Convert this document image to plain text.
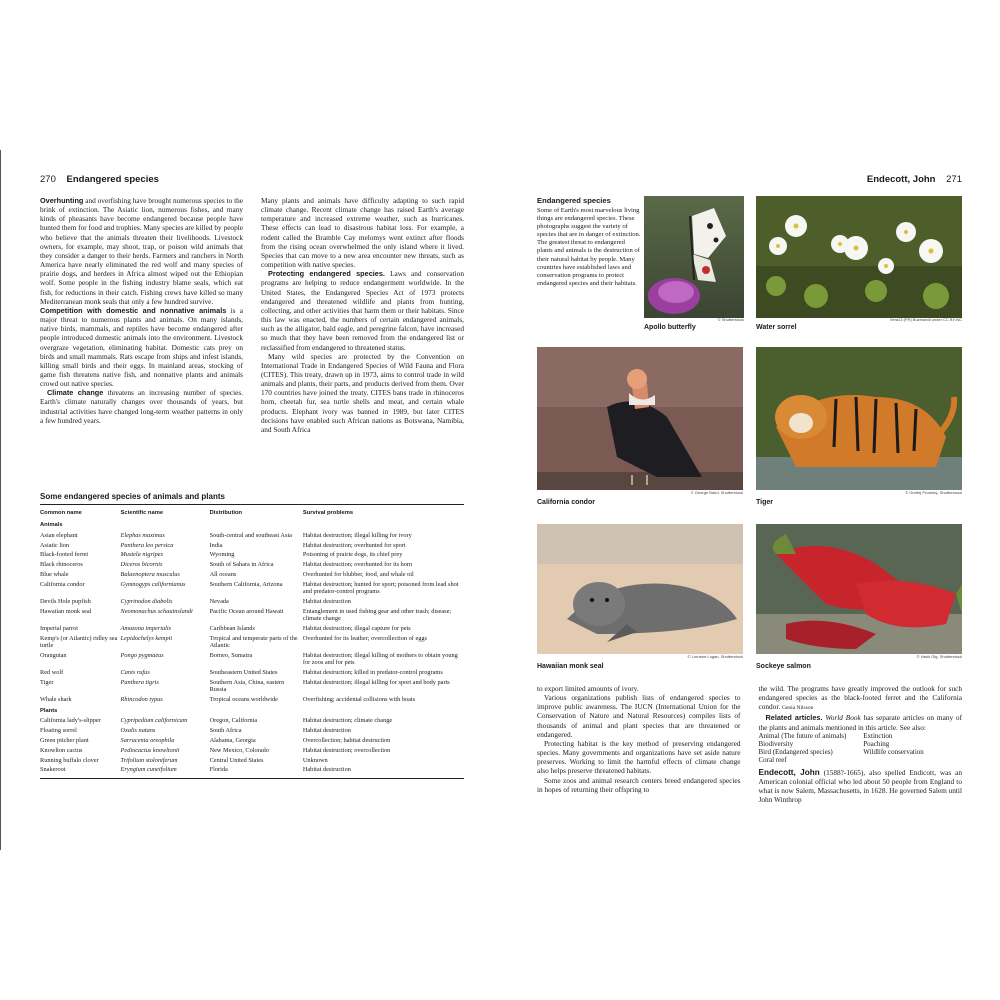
270 Endangered species

Overhunting and overfishing have brought numerous species to the brink of extinction. The Asiatic lion, numerous fishes, and many kinds of pheasants have become endangered because people have hunted them for food and trophies. Many species are killed by people who believe that the animals threaten their livelihoods. Livestock owners, for example, may shoot, trap, or poison wild animals that they consider a danger to their herds. Farmers and ranchers in North America have nearly eliminated the red wolf and many species of prairie dogs, and herders in Africa almost wiped out the Ethiopian wolf. Some people in the fishing industry blame seals, which eat fish, for reductions in their catch. Fishing crews have killed so many Mediterranean monk seals that only a few hundred survive.

Competition with domestic and nonnative animals is a major threat to numerous plants and animals. On many islands, native birds, mammals, and reptiles have become endangered after people introduced domestic animals into the environment. Livestock overgraze vegetation, eliminating habitat. Domestic cats prey on birds and small mammals. Rats escape from ships and infest islands, killing small birds and their eggs. In mainland areas, stocking of game fish threatens native fish, and nonnative plants and animals crowd out native species.

Climate change threatens an increasing number of species. Earth's climate naturally changes over thousands of years, but industrial activities have changed long-term weather patterns in only a few hundred years.

Many plants and animals have difficulty adapting to such rapid climate change. Recent climate change has raised Earth's average temperature and increased extreme weather, such as hurricanes. These effects can lead to disastrous habitat loss. For example, a rodent called the Bramble Cay melomys went extinct after floods from the rising ocean overwhelmed the only island where it lived. Species that can move to a new area encounter new threats, such as competition with native species.

Protecting endangered species. Laws and conservation programs are helping to reduce endangerment worldwide. In the United States, the Endangered Species Act of 1973 protects endangered and threatened wildlife and plants from hunting, collecting, and other activities that harm them or their habitats. Since this law was enacted, the numbers of certain endangered animals, such as the alligator, bald eagle, and peregrine falcon, have increased so much that they have been removed from the endangered list or reclassified from endangered to threatened status.

Many wild species are protected by the Convention on International Trade in Endangered Species of Wild Fauna and Flora (CITES). This treaty, drawn up in 1973, aims to control trade in wild animals and plants, their parts, and products derived from them. Over 170 countries have joined the treaty. CITES bans trade in rhinoceros horn, cheetah fur, sea turtle shells and meat, and certain whale products. Elephant ivory was banned in 1989, but later CITES decisions have enabled such African nations as Botswana, Namibia, and South Africa

Some endangered species of animals and plants
Common name	Scientific name	Distribution	Survival problems
Animals			
Asian elephant	Elephas maximus	South-central and southeast Asia	Habitat destruction; illegal killing for ivory
Asiatic lion	Panthera leo persica	India	Habitat destruction; overhunted for sport
Black-footed ferret	Mustela nigripes	Wyoming	Poisoning of prairie dogs, its chief prey
Black rhinoceros	Diceros bicornis	South of Sahara in Africa	Habitat destruction; overhunted for its horn
Blue whale	Balaenoptera musculus	All oceans	Overhunted for blubber, food, and whale oil
California condor	Gymnogyps californianus	Southern California, Arizona	Habitat destruction; hunted for sport; poisoned from lead shot and predator-control programs
Devils Hole pupfish	Cyprinodon diabolis	Nevada	Habitat destruction
Hawaiian monk seal	Neomonachus schauinslandi	Pacific Ocean around Hawaii	Entanglement in used fishing gear and other trash; disease; climate change
Imperial parrot	Amazona imperialis	Caribbean Islands	Habitat destruction; illegal capture for pets
Kemp's (or Atlantic) ridley sea turtle	Lepidochelys kempii	Tropical and temperate parts of the Atlantic	Overhunted for its leather; overcollection of eggs
Orangutan	Pongo pygmaeus	Borneo, Sumatra	Habitat destruction; illegal killing of mothers to obtain young for zoos and for pets
Red wolf	Canis rufus	Southeastern United States	Habitat destruction; killed in predator-control programs
Tiger	Panthera tigris	Southern Asia, China, eastern Russia	Habitat destruction; illegal killing for sport and body parts
Whale shark	Rhincodon typus	Tropical oceans worldwide	Overfishing; accidental collisions with boats
Plants			
California lady's-slipper	Cypripedium californicum	Oregon, California	Habitat destruction; climate change
Floating sorrel	Oxalis natans	South Africa	Habitat destruction
Green pitcher plant	Sarracenia oreophila	Alabama, Georgia	Overcollection; habitat destruction
Knowlton cactus	Pediocactus knowltonii	New Mexico, Colorado	Habitat destruction; overcollection
Running buffalo clover	Trifolium stoloniferum	Central United States	Unknown
Snakeroot	Eryngium cuneifolium	Florida	Habitat destruction
Endecott, John 271
Endangered species
Some of Earth's most marvelous living things are endangered species. These photographs suggest the variety of species that are in danger of extinction. The greatest threat to endangered plants and animals is the destruction of their natural habitat by people. Many countries have established laws and conservation programs to protect endangered species and their habitats.
© Shutterstock
Apollo butterfly
Vera13 (FR) Buzmandi under CC BY-NC
Water sorrel
© George Baird, Shutterstock
California condor
© Ondřej Prosický, Shutterstock
Tiger
© Lorraine Logan, Shutterstock
Hawaiian monk seal
© Vasik Olg, Shutterstock
Sockeye salmon

to export limited amounts of ivory.

Various organizations publish lists of endangered species to improve public awareness. The IUCN (International Union for the Conservation of Nature and Natural Resources) compiles lists of thousands of animal and plant species that are threatened or endangered.

Protecting habitat is the key method of preserving endangered species. Many governments and organizations have set aside nature preserves. Working to limit the harmful effects of climate change also helps preserve threatened habitats.

Some zoos and animal research centers breed endangered species in hopes of returning their offspring to

the wild. The programs have greatly improved the outlook for such endangered species as the black-footed ferret and the California condor. Genia Nilsson

Related articles. World Book has separate articles on many of the plants and animals mentioned in this article. See also:

Animal (The future of animals)	Extinction
Biodiversity	Poaching
Bird (Endangered species)	Wildlife conservation
Coral reef

Endecott, John (1588?-1665), also spelled Endicott, was an American colonial official who led about 50 people from England to what is now Salem, Massachusetts, in 1628. He governed Salem until John Winthrop
